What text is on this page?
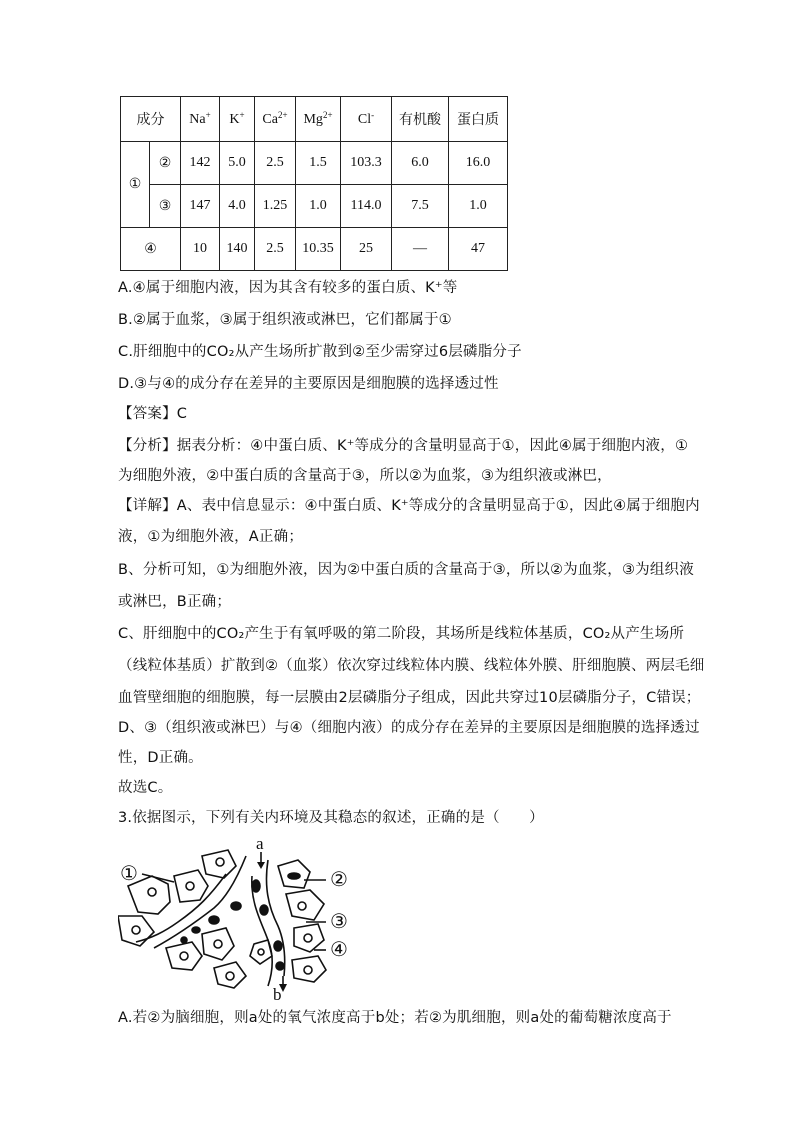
成分		Na+	K+	$Ca^{2+}$	$Mg^{2+}$	Cl-	有机酸	蛋白质
①	②	142	5.0	2.5	1.5	103.3	6.0	16.0
	③	147	4.0	1.25	1.0	114.0	7.5	1.0
④		10	140	2.5	10.35	25	—	47
A.④属于细胞内液，因为其含有较多的蛋白质、K⁺等
B.②属于血浆，③属于组织液或淋巴，它们都属于①
C.肝细胞中的CO₂从产生场所扩散到②至少需穿过6层磷脂分子
D.③与④的成分存在差异的主要原因是细胞膜的选择透过性
【答案】C
【分析】据表分析：④中蛋白质、K⁺等成分的含量明显高于①，因此④属于细胞内液，①
为细胞外液，②中蛋白质的含量高于③，所以②为血浆，③为组织液或淋巴，
【详解】A、表中信息显示：④中蛋白质、K⁺等成分的含量明显高于①，因此④属于细胞内
液，①为细胞外液，A正确；
B、分析可知，①为细胞外液，因为②中蛋白质的含量高于③，所以②为血浆，③为组织液
或淋巴，B正确；
C、肝细胞中的CO₂产生于有氧呼吸的第二阶段，其场所是线粒体基质，CO₂从产生场所
（线粒体基质）扩散到②（血浆）依次穿过线粒体内膜、线粒体外膜、肝细胞膜、两层毛细
血管壁细胞的细胞膜，每一层膜由2层磷脂分子组成，因此共穿过10层磷脂分子，C错误；
D、③（组织液或淋巴）与④（细胞内液）的成分存在差异的主要原因是细胞膜的选择透过
性，D正确。
故选C。
3.依据图示，下列有关内环境及其稳态的叙述，正确的是（　　）
a
b
①	②
③
④
A.若②为脑细胞，则a处的氧气浓度高于b处；若②为肌细胞，则a处的葡萄糖浓度高于
